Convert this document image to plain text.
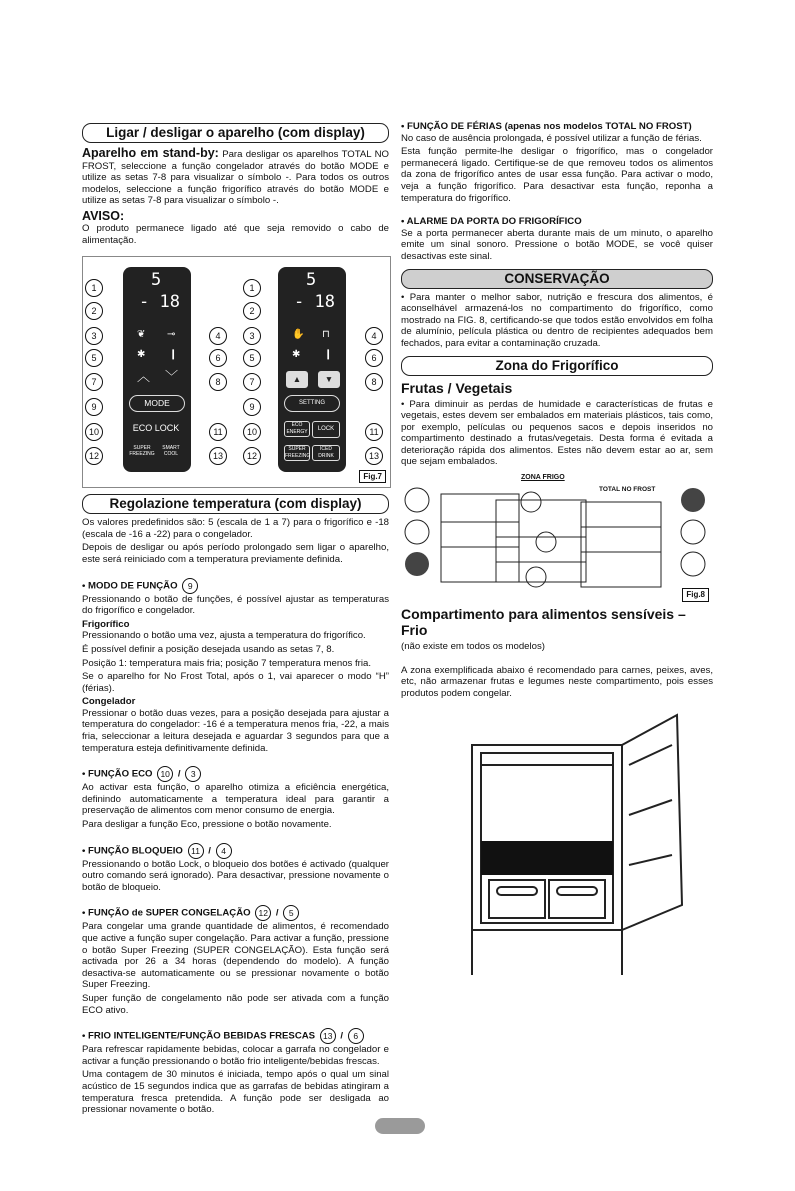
Ligar / desligar o aparelho (com display)

Aparelho em stand-by: Para desligar os aparelhos TOTAL NO FROST, seleccione a função congelador através do botão MODE e utilize as setas 7-8 para visualizar o símbolo -. Para todos os outros modelos, seleccione a função frigorífico através do botão MODE e utilize as setas 7-8 para visualizar o símbolo -.

AVISO:

O produto permanece ligado até que seja removido o cabo de alimentação.

5
- 18
❦ ⊸
✱ ❙
︿ ﹀
MODE
ECO LOCK
SUPER FREEZING
SMART COOL
5
- 18
✋ ⊓
✱ ❙
▲	▼
SETTING
ECO ENERGY	LOCK
SUPER FREEZING
ICED DRINK
1
2
3
5
7
9
10
12
4
6
8
11
13
1
2
3
5
7
9
10
12
4
6
8
11
13
Fig.7
Regolazione temperatura (com display)

Os valores predefinidos são: 5 (escala de 1 a 7) para o frigorífico e -18 (escala de -16 a -22) para o congelador.

Depois de desligar ou após período prolongado sem ligar o aparelho, este será reiniciado com a temperatura previamente definida.

• MODO DE FUNÇÃO 9

Pressionando o botão de funções, é possível ajustar as temperaturas do frigorífico e congelador.

Frigorífico

Pressionando o botão uma vez, ajusta a temperatura do frigorífico.

É possível definir a posição desejada usando as setas 7, 8.

Posição 1: temperatura mais fria; posição 7 temperatura menos fria.

Se o aparelho for No Frost Total, após o 1, vai aparecer o modo “H” (férias).

Congelador

Pressionar o botão duas vezes, para a posição desejada para ajustar a temperatura do congelador: -16 é a temperatura menos fria, -22, a mais fria, seleccionar a leitura desejada e aguardar 3 segundos para que a temperatura esteja definitivamente definida.

• FUNÇÃO ECO 10 / 3

Ao activar esta função, o aparelho otimiza a eficiência energética, definindo automaticamente a temperatura ideal para garantir a preservação de alimentos com menor consumo de energia.

Para desligar a função Eco, pressione o botão novamente.

• FUNÇÃO BLOQUEIO 11 / 4

Pressionando o botão Lock, o bloqueio dos botões é activado (qualquer outro comando será ignorado). Para desactivar, pressione novamente o botão de bloqueio.

• FUNÇÃO de SUPER CONGELAÇÃO 12 / 5

Para congelar uma grande quantidade de alimentos, é recomendado que active a função super congelação. Para activar a função, pressione o botão Super Freezing (SUPER CONGELAÇÃO). Esta função será activada por 26 a 34 horas (dependendo do modelo). A função desactiva-se automaticamente ou se pressionar novamente o botão Super Freezing.

Super função de congelamento não pode ser ativada com a função ECO ativo.

• FRIO INTELIGENTE/FUNÇÃO BEBIDAS FRESCAS 13 / 6

Para refrescar rapidamente bebidas, colocar a garrafa no congelador e activar a função pressionando o botão frio inteligente/bebidas frescas.

Uma contagem de 30 minutos é iniciada, tempo após o qual um sinal acústico de 15 segundos indica que as garrafas de bebidas atingiram a temperatura fresca pretendida. A função pode ser desligada ao pressionar novamente o botão.

• FUNÇÃO DE FÉRIAS (apenas nos modelos TOTAL NO FROST)

No caso de ausência prolongada, é possível utilizar a função de férias.

Esta função permite-lhe desligar o frigorífico, mas o congelador permanecerá ligado. Certifique-se de que removeu todos os alimentos da zona de frigorífico antes de usar essa função. Para activar o modo, veja a função frigorífico. Para desactivar esta função, reponha a temperatura do frigorífico.

• ALARME DA PORTA DO FRIGORÍFICO

Se a porta permanecer aberta durante mais de um minuto, o aparelho emite um sinal sonoro. Pressione o botão MODE, se você quiser desactivas este sinal.

CONSERVAÇÃO

• Para manter o melhor sabor, nutrição e frescura dos alimentos, é aconselhável armazená-los no compartimento do frigorífico, como mostrado na FIG. 8, certificando-se que todos estão envolvidos em folha de alumínio, película plástica ou dentro de recipientes adequados bem fechados, para evitar a contaminação cruzada.

Zona do Frigorífico
Frutas / Vegetais

• Para diminuir as perdas de humidade e características de frutas e vegetais, estes devem ser embalados em materiais plásticos, tais como, por exemplo, películas ou pequenos sacos e depois inseridos no compartimento destinado a frutas/vegetais. Desta forma é evitada a deterioração rápida dos alimentos. Estes não devem estar ao ar, sem que sejam embalados.

ZONA FRIGO
TOTAL NO FROST
Fig.8
Compartimento para alimentos sensíveis – Frio

(não existe em todos os modelos)

A zona exemplificada abaixo é recomendado para carnes, peixes, aves, etc, não armazenar frutas e legumes neste compartimento, pois esses produtos podem congelar.
